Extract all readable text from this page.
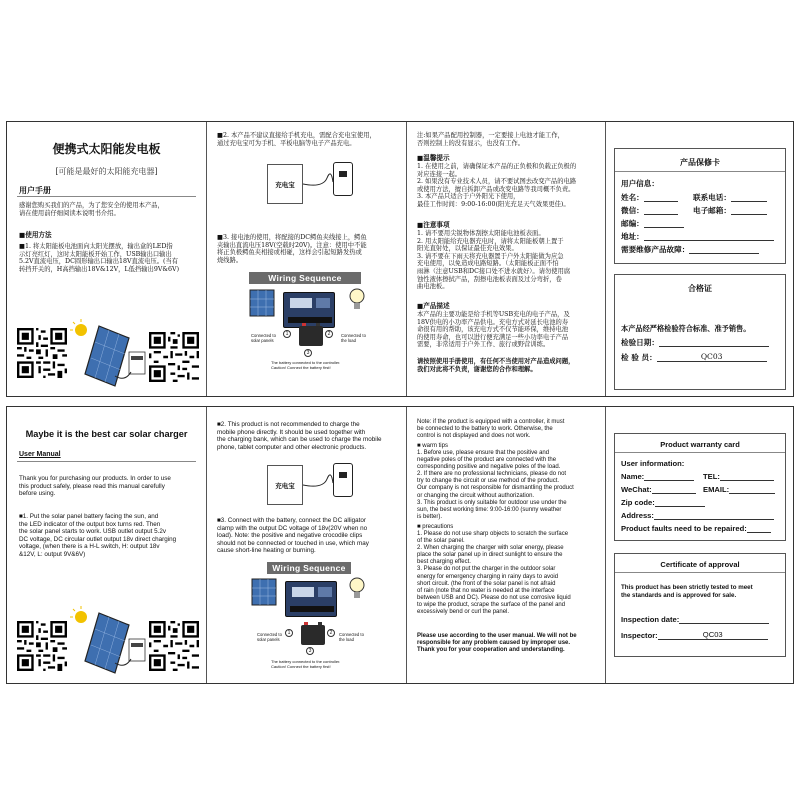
便携式太阳能发电板
[可能是最好的太阳能充电器]
用户手册
感谢您购买我们的产品，为了您安全的使用本产品，
请在使用前仔细阅读本说明书介绍。
■使用方法
■1. 将太阳能板电池面向太阳光摆放，输出盒的LED指
示灯亮红灯，这时太阳能板开始工作，USB输出口输出
5.2V直流电压，DC圆形输出口输出18V直流电压。(当有
转挡开关的，H高挡输出18V&12V，L低挡输出9V&6V)
■2. 本产品不建议直接给手机充电，需配合充电宝使用，
通过充电宝可为手机、平板电脑等电子产品充电。
充电宝
■3. 接电池的使用，将配接的DC鳄鱼夹线接上，鳄鱼
夹输出直流电压18V(空载时20V)。注意：使用中不能
将正负极鳄鱼夹相接或相碰，这样会引起短路发热或
烧线路。
Wiring Sequence
Connected to
solar panels
Connected to
the load
1	2
3
The battery connected to the controller.
Caution! Connect the battery first!
注:如果产品配用控制器，一定要接上电池才能工作，
否则控制上的没有显示，也没有工作。
■温馨提示
1. 在使用之前，请确保证本产品的正负极和负载正负极的
对应连接一起。
2. 如果没有专业技术人员，请不要试图去改变产品的电路
或使用方法，擅自拆卸产品或改变电路等我司概不负责。
3. 本产品只适合于户外阳光下使用，
最佳工作时间：9:00-16:00(阳光充足天气效果更佳)。
■注意事项
1. 请不要用尖锐物体刮擦太阳能电池板表面。
2. 用太阳能给充电器充电时，请将太阳能板朝上置于
阳光直射处，以保证最佳充电效果。
3. 请不要在下雨天将充电器置于户外太阳能做为应急
充电使用，以免造成电路短路。（太阳能板正面不怕
雨淋（注意USB和DC接口处不进水就好）。请勿使用腐
蚀性液体擦拭产品，刮擦电池板表面及过分弯折，卷
曲电池板。
■产品描述
本产品的主要功能是给手机等USB充电的电子产品，及
18V供电的小功率产品供电。充电方式对延长电池的寿
命很有用的帮助，该充电方式不仅节能环保，维持电池
的使用寿命，也可以进行便充满足一些小功率电子产品
需要，非常适用于户外工作、旅行或野营训练。
请按照使用手册使用，有任何不当使用对产品造成问题，
我们对此将不负责，谢谢您的合作和理解。
产品保修卡
用户信息：
姓名：	联系电话：
微信：	电子邮箱：
邮编：
地址：
需要维修产品故障：
合格证
本产品经严格检验符合标准、准予销售。
检验日期：
检 验 员：	QC03
Maybe it is the best car solar charger
User Manual
Thank you for purchasing our products. In order to use
this product safely, please read this manual carefully
before using.
■1. Put the solar panel battery facing the sun, and
the LED indicator of the output box turns red. Then
the solar panel starts to work. USB outlet output 5.2v
DC voltage, DC circular outlet output 18v direct charging
voltage, (when there is a H-L switch, H: output 18v
&12V, L: output 9V&6V)
■2. This product is not recommended to charge the
mobile phone directly. It should be used together with
the charging bank, which can be used to charge the mobile
phone, tablet computer and other electronic products.
充电宝
■3. Connect with the battery, connect the DC alligator
clamp with the output DC voltage of 18v(20V when no
load). Note: the positive and negative crocodile clips
should not be connected or touched in use, which may
cause short-line heating or burning.
Wiring Sequence
Connected to
solar panels
Connected to
the load
1	2
3
The battery connected to the controller.
Caution! Connect the battery first!
Note: if the product is equipped with a controller, it must
be connected to the battery to work. Otherwise, the
control is not displayed and does not work.
■ warm tips
1. Before use, please ensure that the positive and
negative poles of the product are connected with the
corresponding positive and negative poles of the load.
2. If there are no professional technicians, please do not
try to change the circuit or use method of the product.
Our company is not responsible for dismantling the product
or changing the circuit without authorization.
3. This product is only suitable for outdoor use under the
sun, the best working time: 9:00-16:00 (sunny weather
is better).
■ precautions
1. Please do not use sharp objects to scratch the surface
of the solar panel.
2. When charging the charger with solar energy, please
place the solar panel up in direct sunlight to ensure the
best charging effect.
3. Please do not put the charger in the outdoor solar
energy for emergency charging in rainy days to avoid
short circuit. (the front of the solar panel is not afraid
of rain (note that no water is needed at the interface
between USB and DC). Please do not use corrosive liquid
to wipe the product, scrape the surface of the panel and
excessively bend or curl the panel.
Please use according to the user manual. We will not be
responsible for any problem caused by improper use.
Thank you for your cooperation and understanding.
Product warranty card
User information:
Name:	TEL:
WeChat:	EMAIL:
Zip code:
Address:
Product faults need to be repaired:
Certificate of approval
This product has been strictly tested to meet
the standards and is approved for sale.
Inspection date:
Inspector:	QC03
